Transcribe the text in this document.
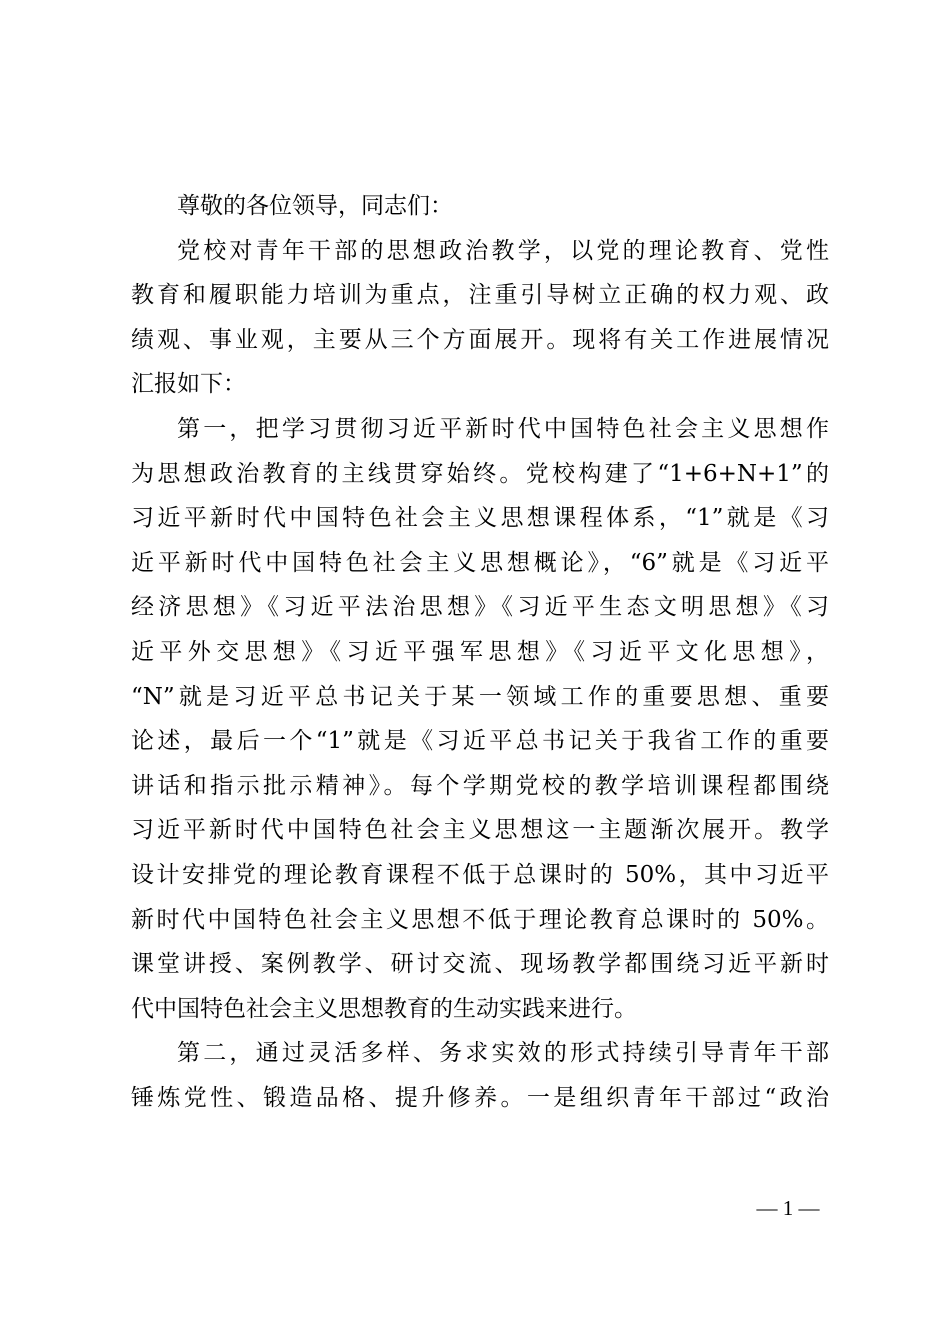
尊敬的各位领导，同志们：
党校对青年干部的思想政治教学，以党的理论教育、党性
教育和履职能力培训为重点，注重引导树立正确的权力观、政
绩观、事业观，主要从三个方面展开。现将有关工作进展情况
汇报如下：
第一，把学习贯彻习近平新时代中国特色社会主义思想作
为思想政治教育的主线贯穿始终。党校构建了“1+6+N+1”的
习近平新时代中国特色社会主义思想课程体系，“1”就是《习
近平新时代中国特色社会主义思想概论》，“6”就是《习近平
经济思想》《习近平法治思想》《习近平生态文明思想》《习
近平外交思想》《习近平强军思想》《习近平文化思想》，
“N”就是习近平总书记关于某一领域工作的重要思想、重要
论述，最后一个“1”就是《习近平总书记关于我省工作的重要
讲话和指示批示精神》。每个学期党校的教学培训课程都围绕
习近平新时代中国特色社会主义思想这一主题渐次展开。教学
设计安排党的理论教育课程不低于总课时的 50%，其中习近平
新时代中国特色社会主义思想不低于理论教育总课时的 50%。
课堂讲授、案例教学、研讨交流、现场教学都围绕习近平新时
代中国特色社会主义思想教育的生动实践来进行。
第二，通过灵活多样、务求实效的形式持续引导青年干部
锤炼党性、锻造品格、提升修养。一是组织青年干部过“政治
— 1 —
